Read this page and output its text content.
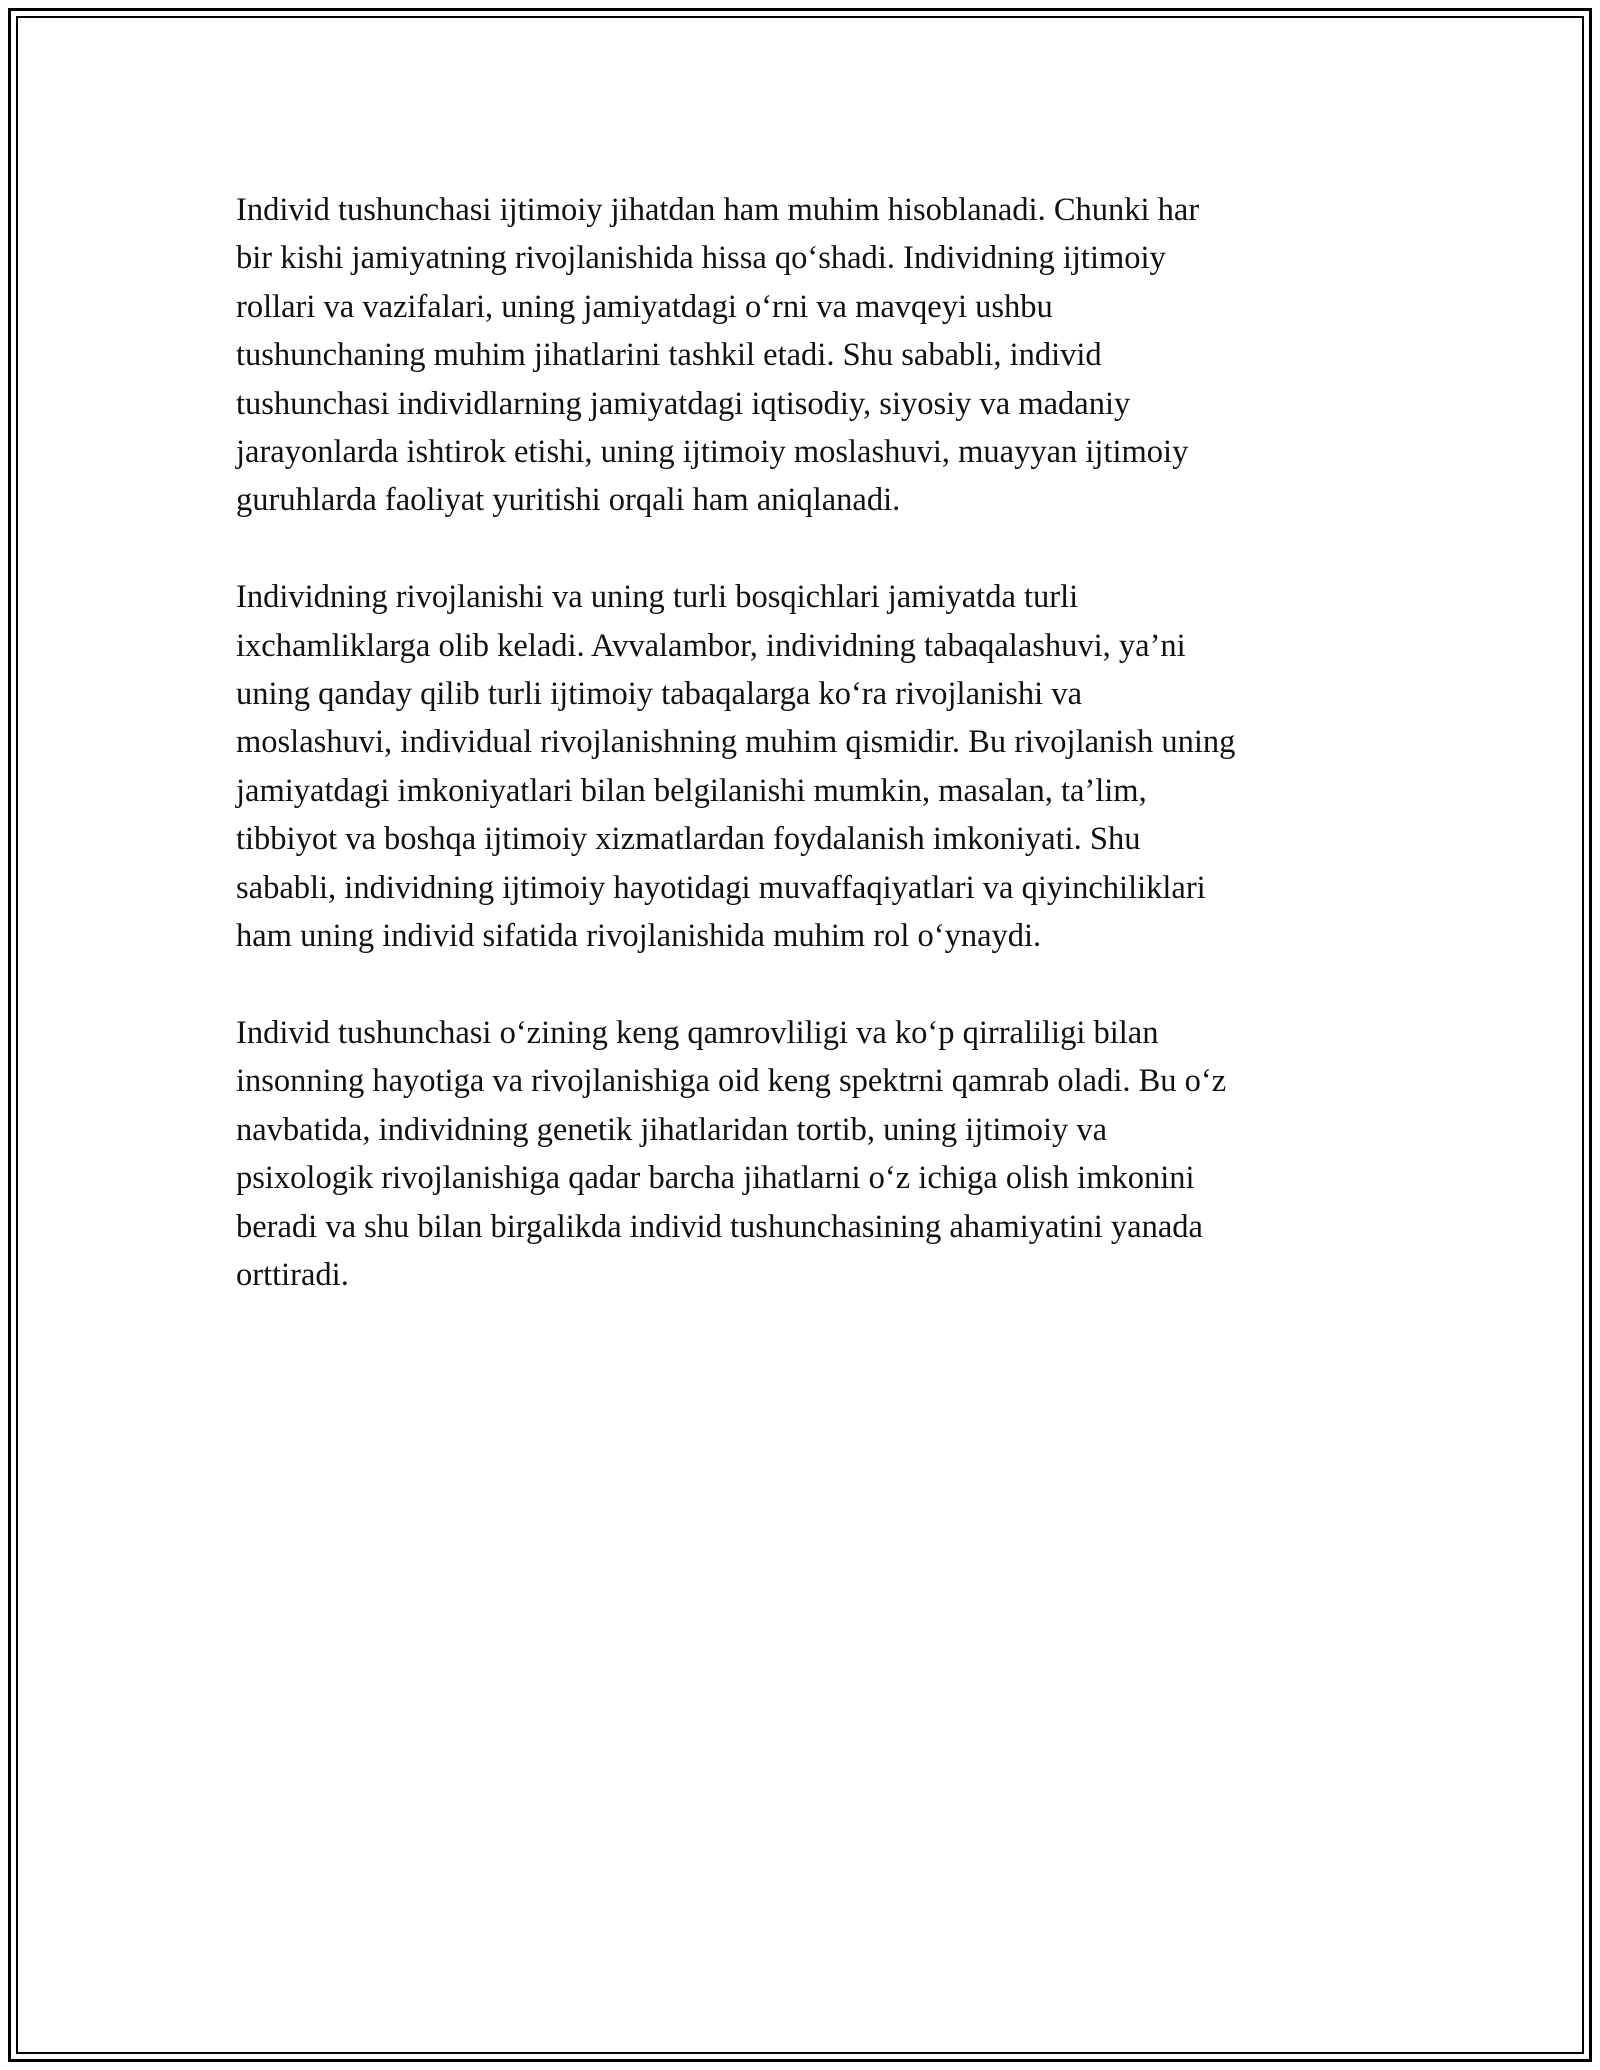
Individ tushunchasi ijtimoiy jihatdan ham muhim hisoblanadi. Chunki har
bir kishi jamiyatning rivojlanishida hissa qo‘shadi. Individning ijtimoiy
rollari va vazifalari, uning jamiyatdagi o‘rni va mavqeyi ushbu
tushunchaning muhim jihatlarini tashkil etadi. Shu sababli, individ
tushunchasi individlarning jamiyatdagi iqtisodiy, siyosiy va madaniy
jarayonlarda ishtirok etishi, uning ijtimoiy moslashuvi, muayyan ijtimoiy
guruhlarda faoliyat yuritishi orqali ham aniqlanadi.

Individning rivojlanishi va uning turli bosqichlari jamiyatda turli
ixchamliklarga olib keladi. Avvalambor, individning tabaqalashuvi, ya’ni
uning qanday qilib turli ijtimoiy tabaqalarga ko‘ra rivojlanishi va
moslashuvi, individual rivojlanishning muhim qismidir. Bu rivojlanish uning
jamiyatdagi imkoniyatlari bilan belgilanishi mumkin, masalan, ta’lim,
tibbiyot va boshqa ijtimoiy xizmatlardan foydalanish imkoniyati. Shu
sababli, individning ijtimoiy hayotidagi muvaffaqiyatlari va qiyinchiliklari
ham uning individ sifatida rivojlanishida muhim rol o‘ynaydi.

Individ tushunchasi o‘zining keng qamrovliligi va ko‘p qirraliligi bilan
insonning hayotiga va rivojlanishiga oid keng spektrni qamrab oladi. Bu o‘z
navbatida, individning genetik jihatlaridan tortib, uning ijtimoiy va
psixologik rivojlanishiga qadar barcha jihatlarni o‘z ichiga olish imkonini
beradi va shu bilan birgalikda individ tushunchasining ahamiyatini yanada
orttiradi.
